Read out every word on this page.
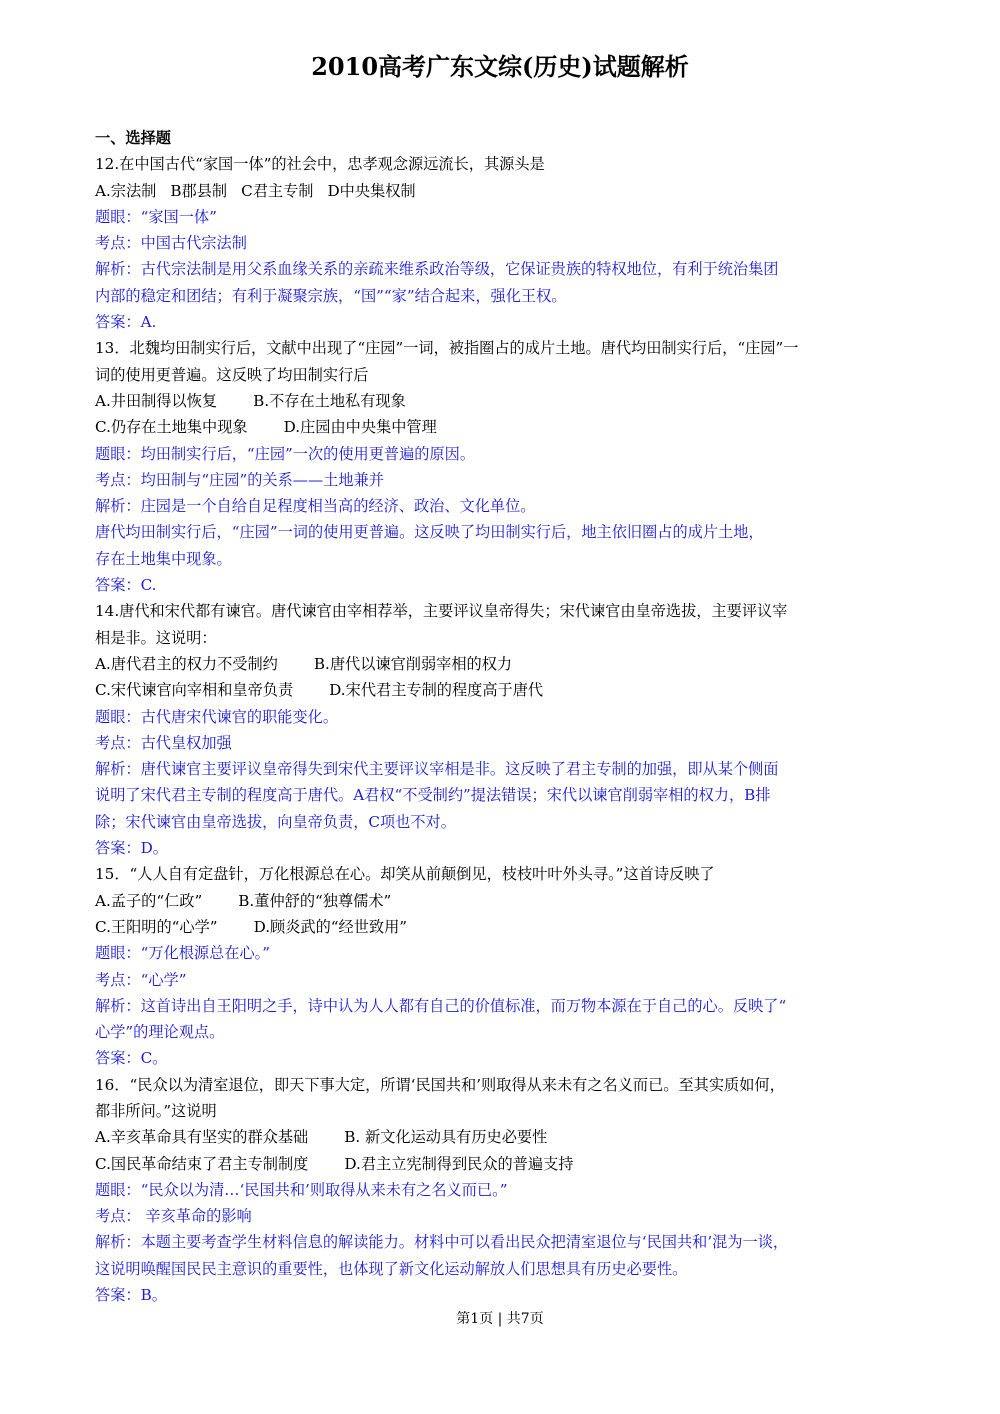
2010高考广东文综(历史)试题解析

一、选择题

12.在中国古代“家国一体”的社会中，忠孝观念源远流长，其源头是

A.宗法制 B郡县制 C君主专制 D中央集权制

题眼：“家国一体”

考点：中国古代宗法制

解析：古代宗法制是用父系血缘关系的亲疏来维系政治等级，它保证贵族的特权地位，有利于统治集团

内部的稳定和团结；有利于凝聚宗族，“国”“家”结合起来，强化王权。

答案：A.

13．北魏均田制实行后，文献中出现了“庄园”一词，被指圈占的成片土地。唐代均田制实行后，“庄园”一

词的使用更普遍。这反映了均田制实行后

A.井田制得以恢复 B.不存在土地私有现象

C.仍存在土地集中现象 D.庄园由中央集中管理

题眼：均田制实行后，“庄园”一次的使用更普遍的原因。

考点：均田制与“庄园”的关系——土地兼并

解析：庄园是一个自给自足程度相当高的经济、政治、文化单位。

唐代均田制实行后，“庄园”一词的使用更普遍。这反映了均田制实行后，地主依旧圈占的成片土地，

存在土地集中现象。

答案：C.

14.唐代和宋代都有谏官。唐代谏官由宰相荐举，主要评议皇帝得失；宋代谏官由皇帝选拔，主要评议宰

相是非。这说明：

A.唐代君主的权力不受制约 B.唐代以谏官削弱宰相的权力

C.宋代谏官向宰相和皇帝负责 D.宋代君主专制的程度高于唐代

题眼：古代唐宋代谏官的职能变化。

考点：古代皇权加强

解析：唐代谏官主要评议皇帝得失到宋代主要评议宰相是非。这反映了君主专制的加强，即从某个侧面

说明了宋代君主专制的程度高于唐代。A君权“不受制约”提法错误；宋代以谏官削弱宰相的权力，B排

除；宋代谏官由皇帝选拔，向皇帝负责，C项也不对。

答案：D。

15．“人人自有定盘针，万化根源总在心。却笑从前颠倒见，枝枝叶叶外头寻。”这首诗反映了

A.孟子的“仁政” B.董仲舒的“独尊儒术”

C.王阳明的“心学” D.顾炎武的“经世致用”

题眼：“万化根源总在心。”

考点：“心学”

解析：这首诗出自王阳明之手，诗中认为人人都有自己的价值标准，而万物本源在于自己的心。反映了“

心学”的理论观点。

答案：C。

16．“民众以为清室退位，即天下事大定，所谓‘民国共和’则取得从来未有之名义而已。至其实质如何，

都非所问。”这说明

A.辛亥革命具有坚实的群众基础 B. 新文化运动具有历史必要性

C.国民革命结束了君主专制制度 D.君主立宪制得到民众的普遍支持

题眼：“民众以为清…‘民国共和’则取得从来未有之名义而已。”

考点： 辛亥革命的影响

解析：本题主要考查学生材料信息的解读能力。材料中可以看出民众把清室退位与‘民国共和’混为一谈，

这说明唤醒国民民主意识的重要性，也体现了新文化运动解放人们思想具有历史必要性。

答案：B。

第1页 | 共7页
